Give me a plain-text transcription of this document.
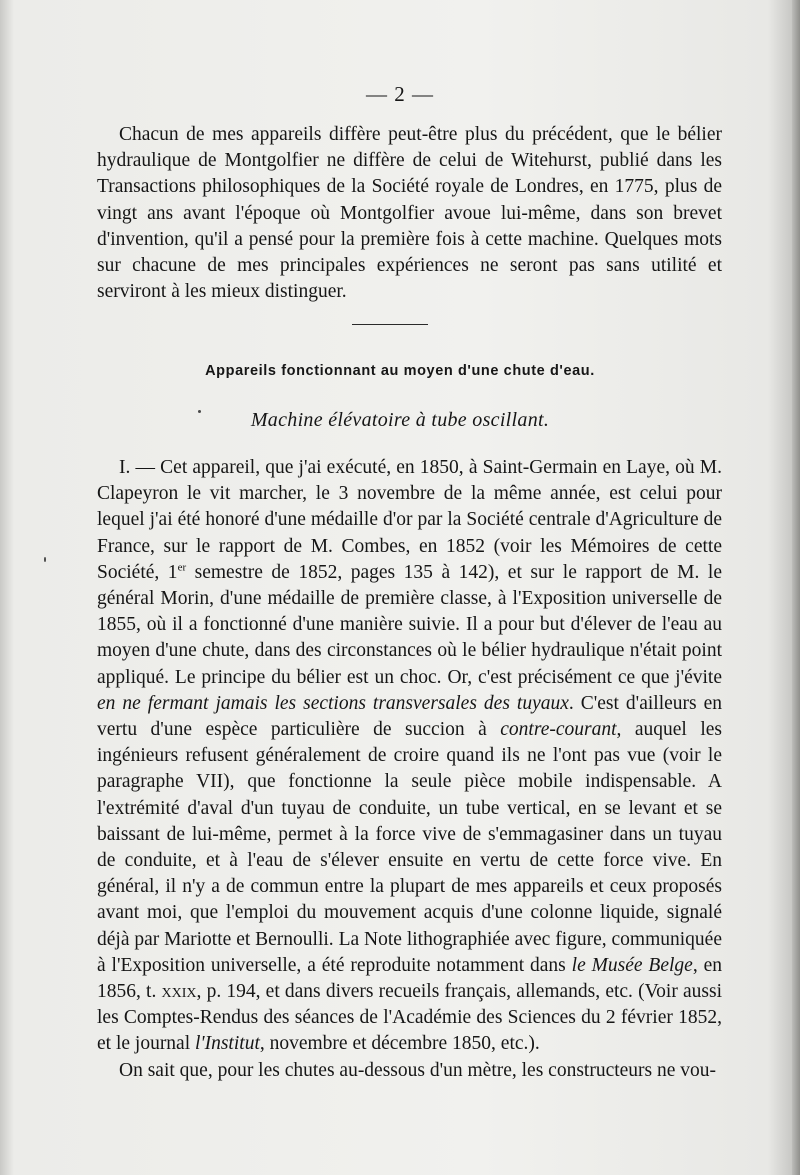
— 2 —

Chacun de mes appareils diffère peut-être plus du précédent, que le bélier hydraulique de Montgolfier ne diffère de celui de Witehurst, publié dans les Transactions philosophiques de la Société royale de Londres, en 1775, plus de vingt ans avant l'époque où Montgolfier avoue lui-même, dans son brevet d'invention, qu'il a pensé pour la première fois à cette machine. Quelques mots sur chacune de mes principales expériences ne seront pas sans utilité et serviront à les mieux distinguer.

Appareils fonctionnant au moyen d'une chute d'eau.
Machine élévatoire à tube oscillant.

I. — Cet appareil, que j'ai exécuté, en 1850, à Saint-Germain en Laye, où M. Clapeyron le vit marcher, le 3 novembre de la même année, est celui pour lequel j'ai été honoré d'une médaille d'or par la Société centrale d'Agriculture de France, sur le rapport de M. Combes, en 1852 (voir les Mémoires de cette Société, 1er semestre de 1852, pages 135 à 142), et sur le rapport de M. le général Morin, d'une médaille de première classe, à l'Exposition universelle de 1855, où il a fonctionné d'une manière suivie. Il a pour but d'élever de l'eau au moyen d'une chute, dans des circonstances où le bélier hydraulique n'était point appliqué. Le principe du bélier est un choc. Or, c'est précisément ce que j'évite en ne fermant jamais les sections transversales des tuyaux. C'est d'ailleurs en vertu d'une espèce particulière de succion à contre-courant, auquel les ingénieurs refusent généralement de croire quand ils ne l'ont pas vue (voir le paragraphe VII), que fonctionne la seule pièce mobile indispensable. A l'extrémité d'aval d'un tuyau de conduite, un tube vertical, en se levant et se baissant de lui-même, permet à la force vive de s'emmagasiner dans un tuyau de conduite, et à l'eau de s'élever ensuite en vertu de cette force vive. En général, il n'y a de commun entre la plupart de mes appareils et ceux proposés avant moi, que l'emploi du mouvement acquis d'une colonne liquide, signalé déjà par Mariotte et Bernoulli. La Note lithographiée avec figure, communiquée à l'Exposition universelle, a été reproduite notamment dans le Musée Belge, en 1856, t. xxix, p. 194, et dans divers recueils français, allemands, etc. (Voir aussi les Comptes-Rendus des séances de l'Académie des Sciences du 2 février 1852, et le journal l'Institut, novembre et décembre 1850, etc.).

On sait que, pour les chutes au-dessous d'un mètre, les constructeurs ne vou-
